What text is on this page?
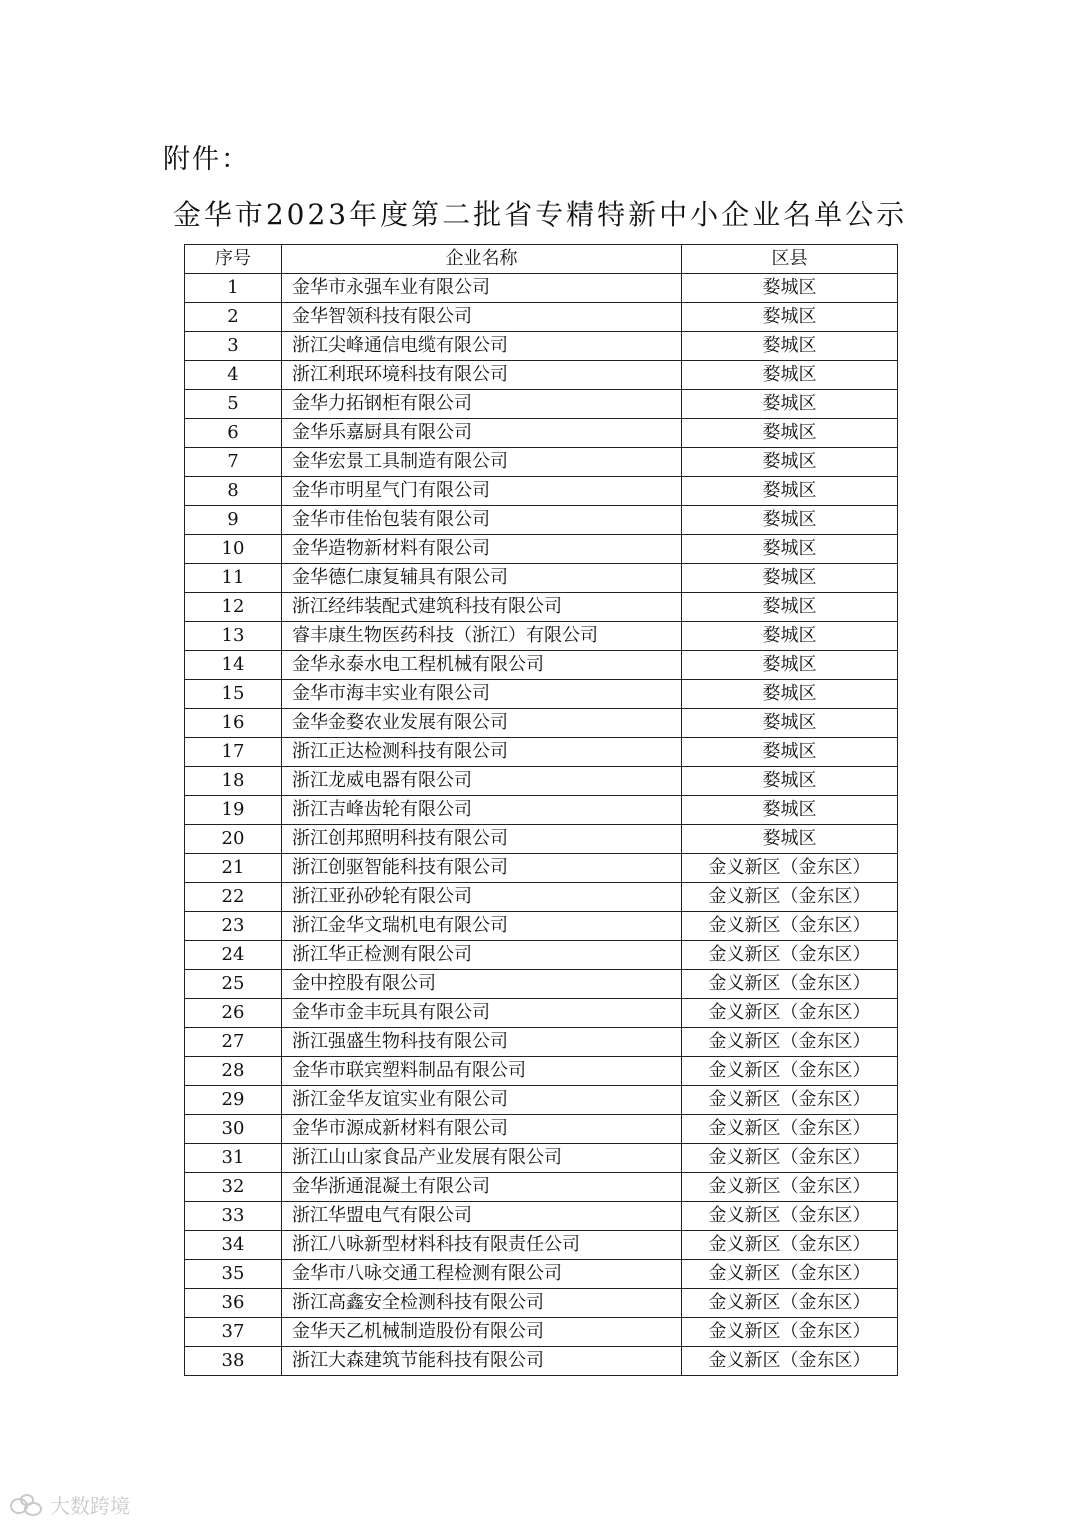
附件：
金华市2023年度第二批省专精特新中小企业名单公示
序号	企业名称	区县
1	金华市永强车业有限公司	婺城区
2	金华智领科技有限公司	婺城区
3	浙江尖峰通信电缆有限公司	婺城区
4	浙江利珉环境科技有限公司	婺城区
5	金华力拓钢柜有限公司	婺城区
6	金华乐嘉厨具有限公司	婺城区
7	金华宏景工具制造有限公司	婺城区
8	金华市明星气门有限公司	婺城区
9	金华市佳怡包装有限公司	婺城区
10	金华造物新材料有限公司	婺城区
11	金华德仁康复辅具有限公司	婺城区
12	浙江经纬装配式建筑科技有限公司	婺城区
13	睿丰康生物医药科技（浙江）有限公司	婺城区
14	金华永泰水电工程机械有限公司	婺城区
15	金华市海丰实业有限公司	婺城区
16	金华金婺农业发展有限公司	婺城区
17	浙江正达检测科技有限公司	婺城区
18	浙江龙威电器有限公司	婺城区
19	浙江吉峰齿轮有限公司	婺城区
20	浙江创邦照明科技有限公司	婺城区
21	浙江创驱智能科技有限公司	金义新区（金东区）
22	浙江亚孙砂轮有限公司	金义新区（金东区）
23	浙江金华文瑞机电有限公司	金义新区（金东区）
24	浙江华正检测有限公司	金义新区（金东区）
25	金中控股有限公司	金义新区（金东区）
26	金华市金丰玩具有限公司	金义新区（金东区）
27	浙江强盛生物科技有限公司	金义新区（金东区）
28	金华市联宾塑料制品有限公司	金义新区（金东区）
29	浙江金华友谊实业有限公司	金义新区（金东区）
30	金华市源成新材料有限公司	金义新区（金东区）
31	浙江山山家食品产业发展有限公司	金义新区（金东区）
32	金华浙通混凝土有限公司	金义新区（金东区）
33	浙江华盟电气有限公司	金义新区（金东区）
34	浙江八咏新型材料科技有限责任公司	金义新区（金东区）
35	金华市八咏交通工程检测有限公司	金义新区（金东区）
36	浙江高鑫安全检测科技有限公司	金义新区（金东区）
37	金华天乙机械制造股份有限公司	金义新区（金东区）
38	浙江大森建筑节能科技有限公司	金义新区（金东区）
大数跨境
